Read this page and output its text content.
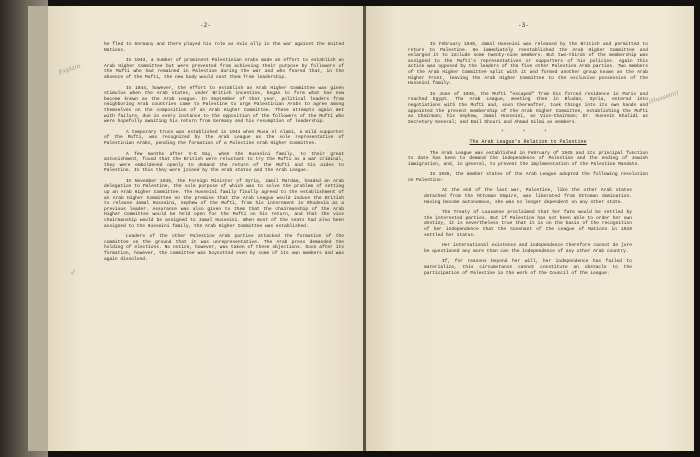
-2-
Explain
✓

he fled to Germany and there played his role as Axis ally in the war against the United Nations.

In 1943, a number of prominent Palestinian Arabs made an effort to establish an Arab Higher Committee but were prevented from achieving their purpose by followers of the Mufti who had remained in Palestine during the war and who feared that, in the absence of the Mufti, the new body would oust them from leadership.

In 1944, however, the effort to establish an Arab Higher Committee was given stimulus when the Arab states, under British incentive, began to form what has now become known as the Arab League. In September of that year, political leaders from neighboring Arab countries came to Palestine to urge Palestinian Arabs to agree among themselves on the composition of an Arab Higher Committee. These attempts again met with failure, due in every instance to the opposition of the followers of the Mufti who were hopefully awaiting his return from Germany and his resumption of leadership.

A temporary truce was established in 1944 when Musa el Alami, a mild supporter of the Mufti, was recognized by the Arab League as the sole representative of Palestinian Arabs, pending the formation of a Palestine Arab Higher Committee.

A few months after V-E Day, when the Husseini family, to their great astonishment, found that the British were reluctant to try the Mufti as a war criminal, they were emboldened openly to demand the return of the Mufti and his aides to Palestine. In this they were joined by the Arab states and the Arab League.

In November 1945, the Foreign Minister of Syria, Jamil Mardam, headed an Arab delegation to Palestine, the sole purpose of which was to solve the problem of setting up an Arab Higher Committee. The Husseini family finally agreed to the establishment of an Arab Higher Committee on the premise that the Arab League would induce the British to release Jamal Husseini, nephew of the Mufti, from his internment in Rhodesia as a previous leader. Assurance was also given to them that the chairmanship of the Arab Higher Committee would be held open for the Mufti on his return, and that the vice chairmanship would be assigned to Jamal Husseini. When most of the seats had also been assigned to the Husseini family, the Arab Higher Committee was established.

Leaders of the other Palestine Arab parties attacked the formation of the committee on the ground that it was unrepresentative. The Arab press demanded the holding of elections. No notice, however, was taken of these objections. Soon after its formation, however, the committee was boycotted even by some of its own members and was again dissolved.

-3-
(Husseini)

In February 1946, Jamal Husseini was released by the British and permitted to return to Palestine. He immediately reestablished the Arab Higher Committee and enlarged it to include some twenty-nine members. But two-thirds of the membership was assigned to the Mufti's representatives or supporters of his policies. Again this action was opposed by the leaders of the five other Palestine Arab parties. Two members of the Arab Higher Committee split with it and formed another group known as the Arab Higher Front, leaving the Arab Higher Committee to the exclusive possession of the Husseini family.

In June of 1946, the Mufti "escaped" from his forced residence in Paris and reached Egypt. The Arab League, meeting then in Bludan, Syria, entered into negotiations with the Mufti and, soon thereafter, took things into its own hands and appointed the present membership of the Arab Higher Committee, establishing the Mufti as Chairman; his nephew, Jamal Husseini, as Vice-Chairman; Dr. Hussein Khalidi as Secretary General; and Emil Ghouri and Ahmad Hilmi as members.

* * *
The Arab League's Relation to Palestine

The Arab League was established in February of 1945 and its principal function to date has been to demand the independence of Palestine and the ending of Jewish immigration, and, in general, to prevent the implementation of the Palestine Mandate.

In 1945, the member states of the Arab League adopted the following resolution on Palestine:

At the end of the last war, Palestine, like the other Arab states detached from the Ottoman Empire, was liberated from Ottoman domination. Having become autonomous, she was no longer dependent on any other state.

The Treaty of Lausanne proclaimed that her fate would be settled by the interested parties. But if Palestine has not been able to order her own destiny, it is nevertheless true that it is on the basis of the recognition of her independence that the Covenant of the League of Nations in 1919 settled her status.

Her international existence and independence therefore cannot de jure be questioned any more than can the independence of any other Arab country.

If, for reasons beyond her will, her independence has failed to materialize, this circumstance cannot constitute an obstacle to the participation of Palestine in the work of the Council of the League.
